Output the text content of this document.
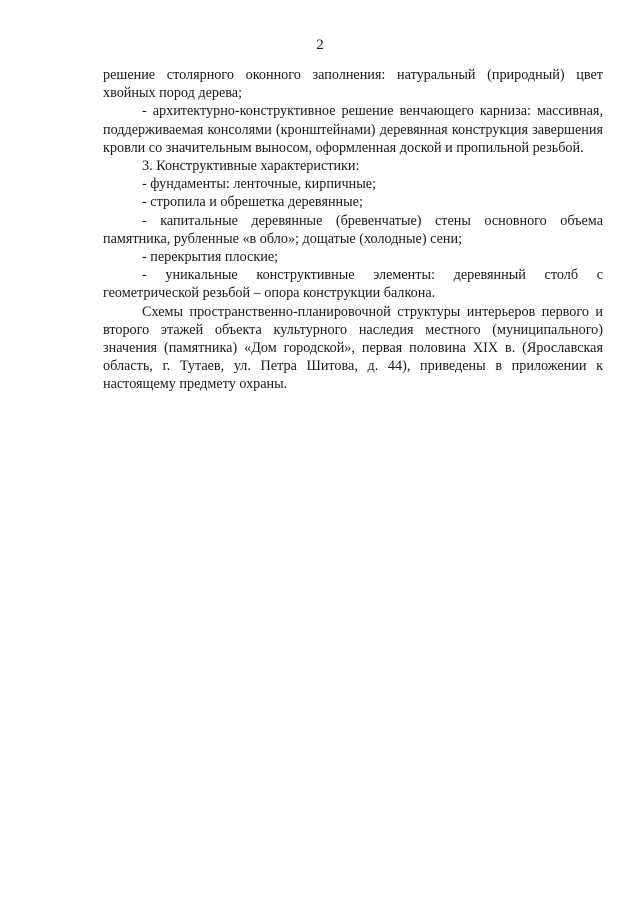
2

решение столярного оконного заполнения: натуральный (природный) цвет хвойных пород дерева;

- архитектурно-конструктивное решение венчающего карниза: массивная, поддерживаемая консолями (кронштейнами) деревянная конструкция завершения кровли со значительным выносом, оформленная доской и пропильной резьбой.

3. Конструктивные характеристики:

- фундаменты: ленточные, кирпичные;

- стропила и обрешетка деревянные;

- капитальные деревянные (бревенчатые) стены основного объема памятника, рубленные «в обло»; дощатые (холодные) сени;

- перекрытия плоские;

- уникальные конструктивные элементы: деревянный столб с геометрической резьбой – опора конструкции балкона.

Схемы пространственно-планировочной структуры интерьеров первого и второго этажей объекта культурного наследия местного (муниципального) значения (памятника) «Дом городской», первая половина XIX в. (Ярославская область, г. Тутаев, ул. Петра Шитова, д. 44), приведены в приложении к настоящему предмету охраны.
